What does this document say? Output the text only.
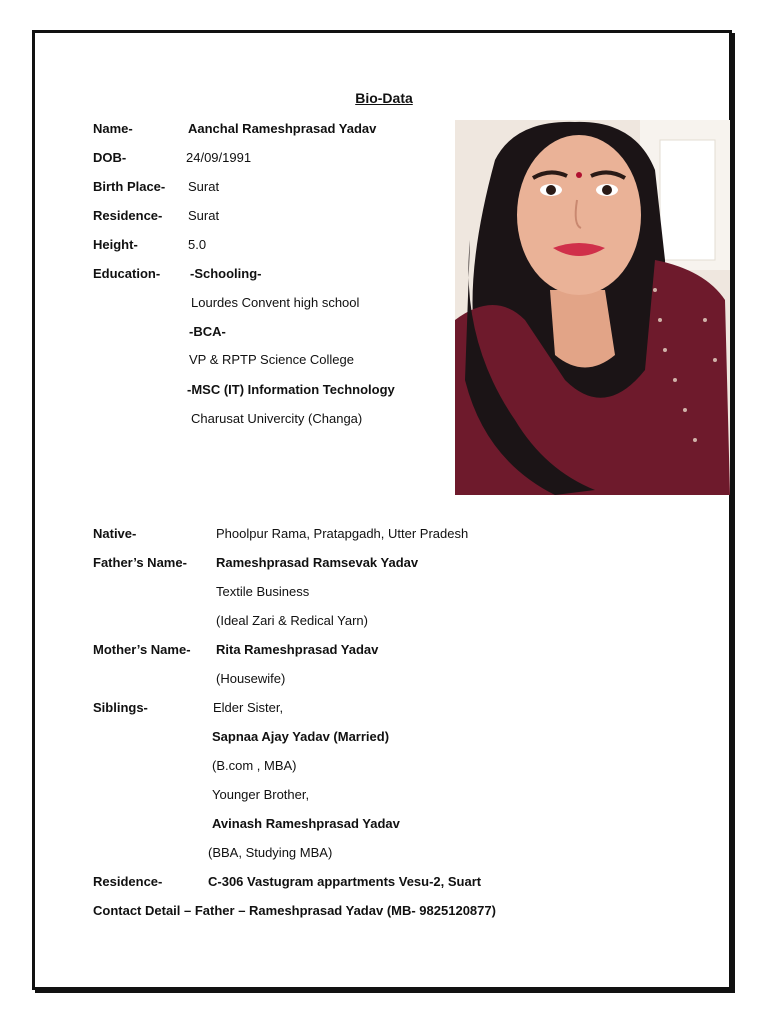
Bio-Data
Name-	Aanchal Rameshprasad Yadav
DOB-	24/09/1991
Birth Place- Surat
Residence- Surat
Height-	5.0
Education- -Schooling-
Lourdes Convent high school
-BCA-
VP & RPTP Science College
-MSC (IT) Information Technology
Charusat Univercity (Changa)
Native-	Phoolpur Rama, Pratapgadh, Utter Pradesh
Father’s Name- Rameshprasad Ramsevak Yadav
Textile Business
(Ideal Zari & Redical Yarn)
Mother’s Name- Rita Rameshprasad Yadav
(Housewife)
Siblings-	Elder Sister,
Sapnaa Ajay Yadav (Married)
(B.com , MBA)
Younger Brother,
Avinash Rameshprasad Yadav
(BBA, Studying MBA)
Residence-	C-306 Vastugram appartments Vesu-2, Suart
Contact Detail – Father – Rameshprasad Yadav (MB- 9825120877)
